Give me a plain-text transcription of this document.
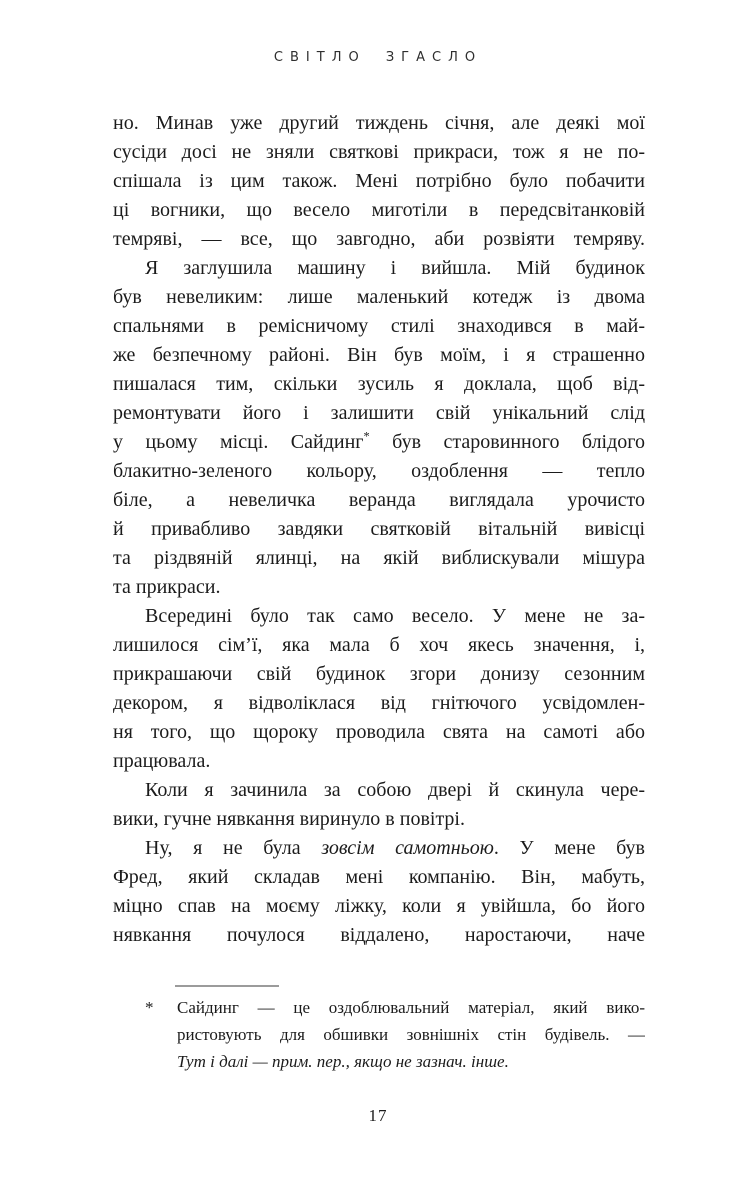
СВІТЛО ЗГАСЛО
но. Минав уже другий тиждень січня, але деякі мої
сусіди досі не зняли святкові прикраси, тож я не по-
спішала із цим також. Мені потрібно було побачити
ці вогники, що весело миготіли в передсвітанковій
темряві, — все, що завгодно, аби розвіяти темряву.
Я заглушила машину і вийшла. Мій будинок
був невеликим: лише маленький котедж із двома
спальнями в ремісничому стилі знаходився в май-
же безпечному районі. Він був моїм, і я страшенно
пишалася тим, скільки зусиль я доклала, щоб від-
ремонтувати його і залишити свій унікальний слід
у цьому місці. Сайдинг* був старовинного блідого
блакитно-зеленого кольору, оздоблення — тепло
біле, а невеличка веранда виглядала урочисто
й привабливо завдяки святковій вітальній вивісці
та різдвяній ялинці, на якій виблискували мішура
та прикраси.
Всередині було так само весело. У мене не за-
лишилося сім’ї, яка мала б хоч якесь значення, і,
прикрашаючи свій будинок згори донизу сезонним
декором, я відволіклася від гнітючого усвідомлен-
ня того, що щороку проводила свята на самоті або
працювала.
Коли я зачинила за собою двері й скинула чере-
вики, гучне нявкання виринуло в повітрі.
Ну, я не була зовсім самотньою. У мене був
Фред, який складав мені компанію. Він, мабуть,
міцно спав на моєму ліжку, коли я увійшла, бо його
нявкання почулося віддалено, наростаючи, наче
* Сайдинг — це оздоблювальний матеріал, який вико-
ристовують для обшивки зовнішніх стін будівель. —
Тут і далі — прим. пер., якщо не зазнач. інше.
17
